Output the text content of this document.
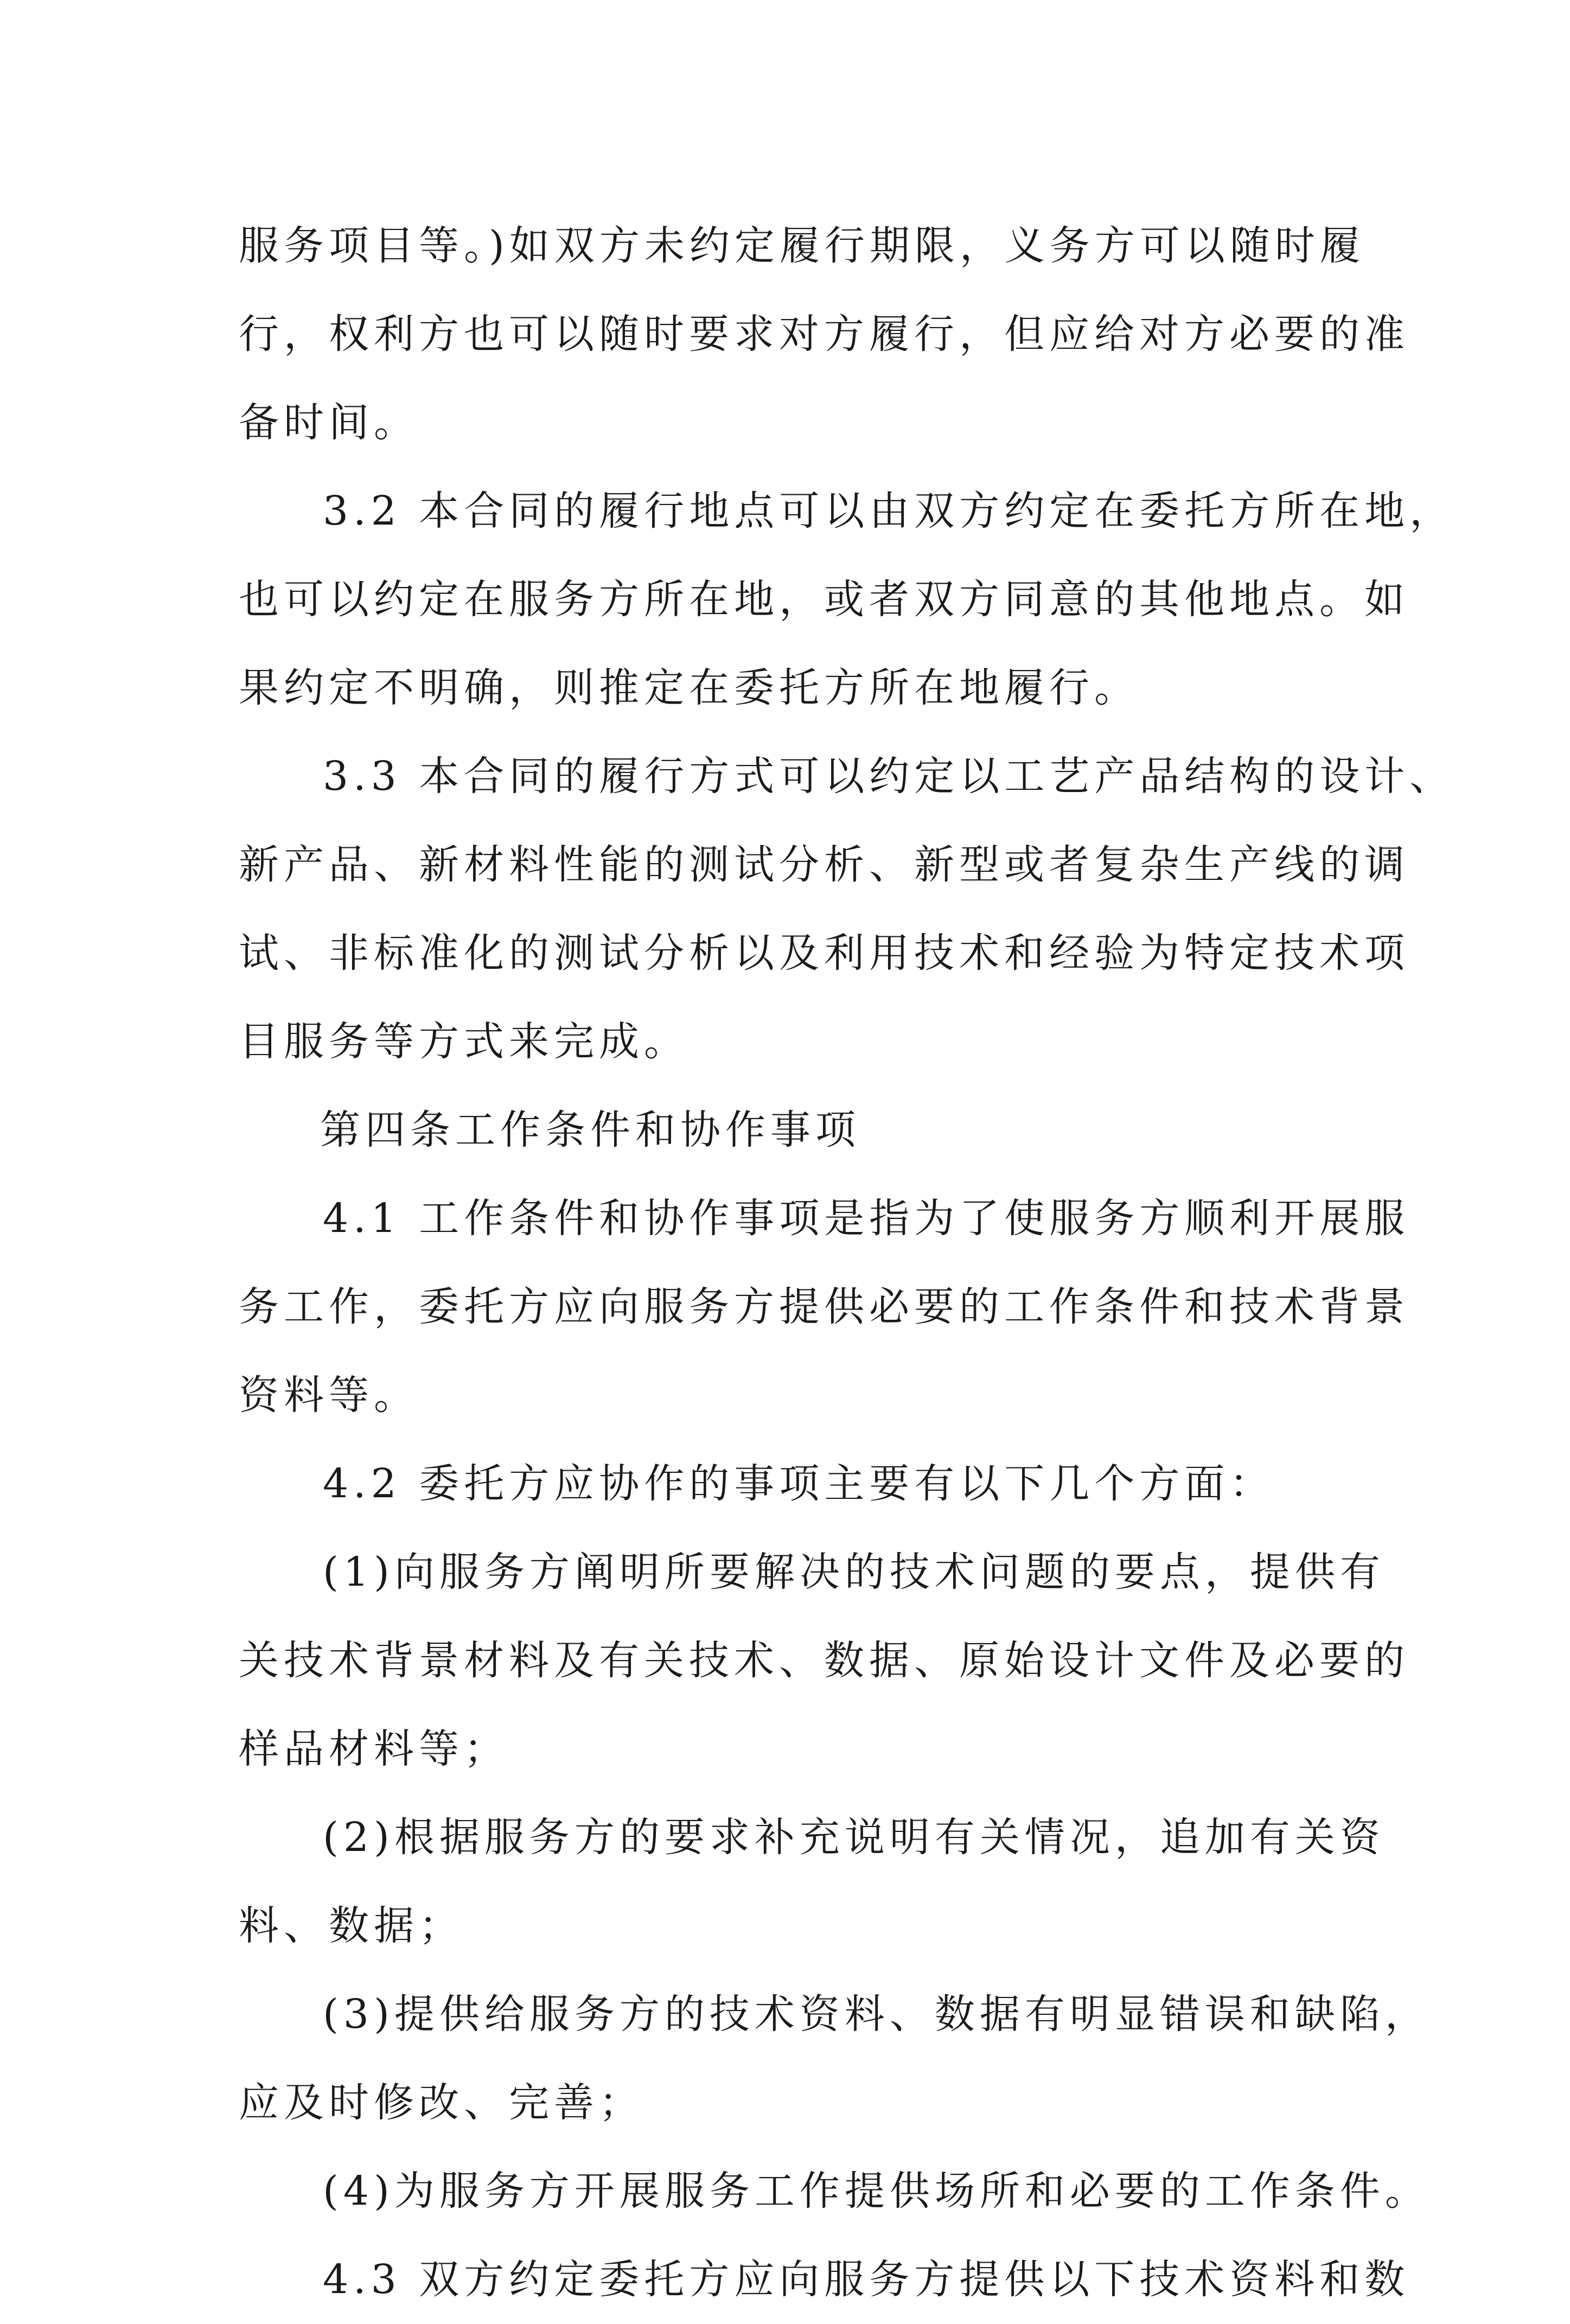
服务项目等。)如双方未约定履行期限，义务方可以随时履
行，权利方也可以随时要求对方履行，但应给对方必要的准
备时间。
3.2 本合同的履行地点可以由双方约定在委托方所在地，
也可以约定在服务方所在地，或者双方同意的其他地点。如
果约定不明确，则推定在委托方所在地履行。
3.3 本合同的履行方式可以约定以工艺产品结构的设计、
新产品、新材料性能的测试分析、新型或者复杂生产线的调
试、非标准化的测试分析以及利用技术和经验为特定技术项
目服务等方式来完成。
第四条工作条件和协作事项
4.1 工作条件和协作事项是指为了使服务方顺利开展服
务工作，委托方应向服务方提供必要的工作条件和技术背景
资料等。
4.2 委托方应协作的事项主要有以下几个方面：
(1)向服务方阐明所要解决的技术问题的要点，提供有
关技术背景材料及有关技术、数据、原始设计文件及必要的
样品材料等；
(2)根据服务方的要求补充说明有关情况，追加有关资
料、数据；
(3)提供给服务方的技术资料、数据有明显错误和缺陷，
应及时修改、完善；
(4)为服务方开展服务工作提供场所和必要的工作条件。
4.3 双方约定委托方应向服务方提供以下技术资料和数
